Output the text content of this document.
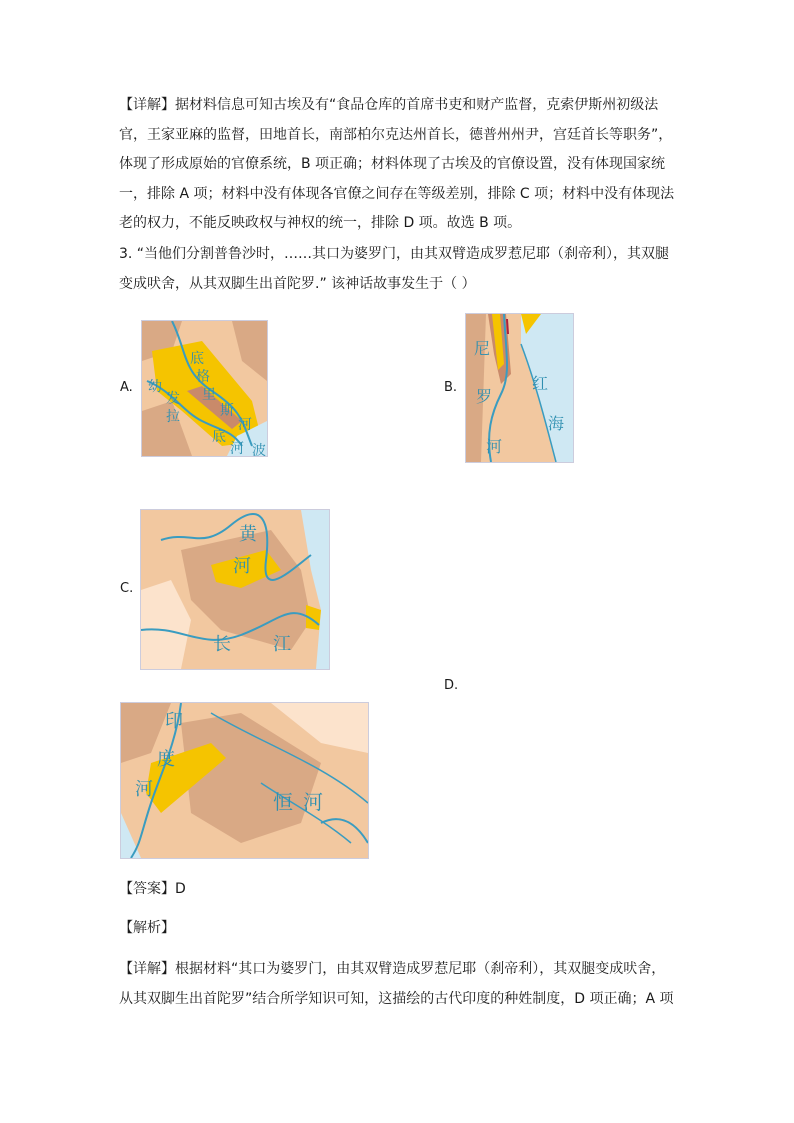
【详解】据材料信息可知古埃及有“食品仓库的首席书吏和财产监督，克索伊斯州初级法
官，王家亚麻的监督，田地首长，南部柏尔克达州首长，德普州州尹，宫廷首长等职务”，
体现了形成原始的官僚系统，B 项正确；材料体现了古埃及的官僚设置，没有体现国家统
一，排除 A 项；材料中没有体现各官僚之间存在等级差别，排除 C 项；材料中没有体现法
老的权力，不能反映政权与神权的统一，排除 D 项。故选 B 项。
3. “当他们分割普鲁沙时，……其口为婆罗门，由其双臂造成罗惹尼耶（刹帝利），其双腿
变成吠舍，从其双脚生出首陀罗.” 该神话故事发生于（ ）
A. 幼
发
拉
底
格
里
斯
河
底
河 波
B.
尼
罗
河
红
海
C.
黄
河
长 江
D.
印
度
河
恒 河
【答案】D
【解析】
【详解】根据材料“其口为婆罗门，由其双臂造成罗惹尼耶（刹帝利），其双腿变成吠舍，
从其双脚生出首陀罗”结合所学知识可知，这描绘的古代印度的种姓制度，D 项正确；A 项
